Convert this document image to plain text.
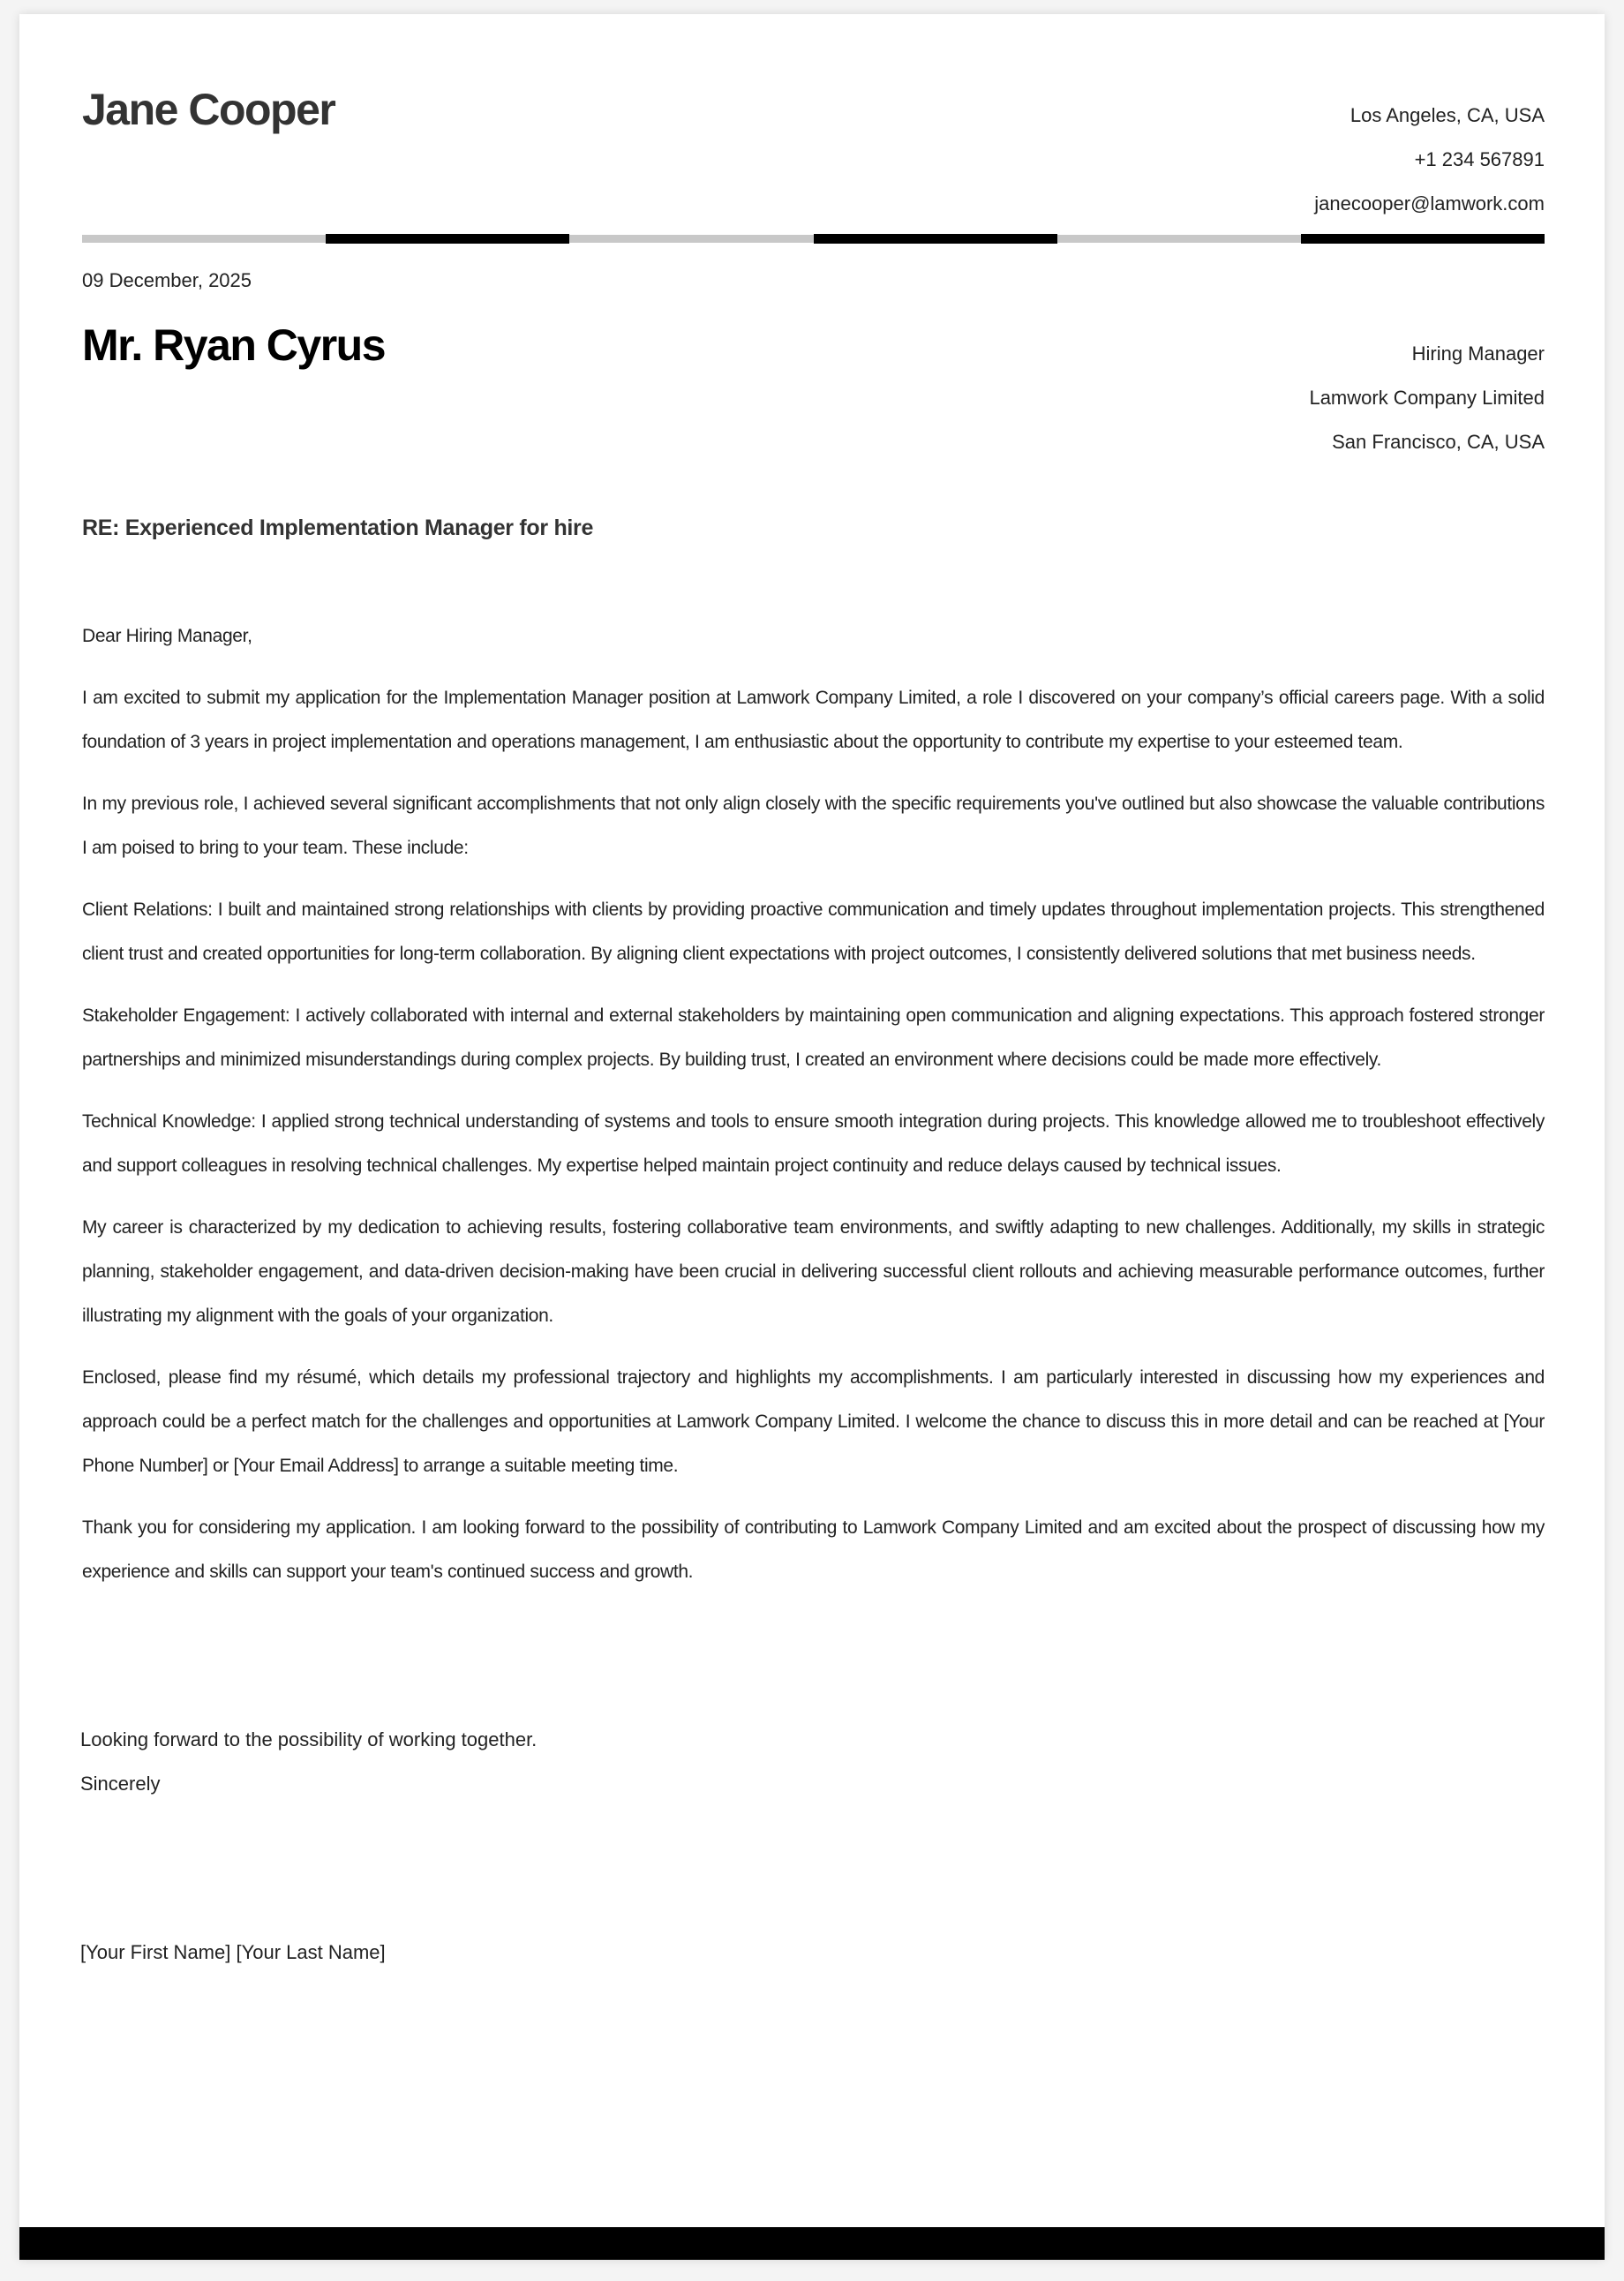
Jane Cooper	Los Angeles, CA, USA
+1 234 567891
janecooper@lamwork.com
09 December, 2025
Mr. Ryan Cyrus	Hiring Manager
Lamwork Company Limited
San Francisco, CA, USA
RE: Experienced Implementation Manager for hire

Dear Hiring Manager,

I am excited to submit my application for the Implementation Manager position at Lamwork Company Limited, a role I discovered on your company’s official careers page. With a solid foundation of 3 years in project implementation and operations management, I am enthusiastic about the opportunity to contribute my expertise to your esteemed team.

In my previous role, I achieved several significant accomplishments that not only align closely with the specific requirements you've outlined but also showcase the valuable contributions I am poised to bring to your team. These include:

Client Relations: I built and maintained strong relationships with clients by providing proactive communication and timely updates throughout implementation projects. This strengthened client trust and created opportunities for long-term collaboration. By aligning client expectations with project outcomes, I consistently delivered solutions that met business needs.

Stakeholder Engagement: I actively collaborated with internal and external stakeholders by maintaining open communication and aligning expectations. This approach fostered stronger partnerships and minimized misunderstandings during complex projects. By building trust, I created an environment where decisions could be made more effectively.

Technical Knowledge: I applied strong technical understanding of systems and tools to ensure smooth integration during projects. This knowledge allowed me to troubleshoot effectively and support colleagues in resolving technical challenges. My expertise helped maintain project continuity and reduce delays caused by technical issues.

My career is characterized by my dedication to achieving results, fostering collaborative team environments, and swiftly adapting to new challenges. Additionally, my skills in strategic planning, stakeholder engagement, and data-driven decision-making have been crucial in delivering successful client rollouts and achieving measurable performance outcomes, further illustrating my alignment with the goals of your organization.

Enclosed, please find my résumé, which details my professional trajectory and highlights my accomplishments. I am particularly interested in discussing how my experiences and approach could be a perfect match for the challenges and opportunities at Lamwork Company Limited. I welcome the chance to discuss this in more detail and can be reached at [Your Phone Number] or [Your Email Address] to arrange a suitable meeting time.

Thank you for considering my application. I am looking forward to the possibility of contributing to Lamwork Company Limited and am excited about the prospect of discussing how my experience and skills can support your team's continued success and growth.

Looking forward to the possibility of working together.
Sincerely
[Your First Name] [Your Last Name]
